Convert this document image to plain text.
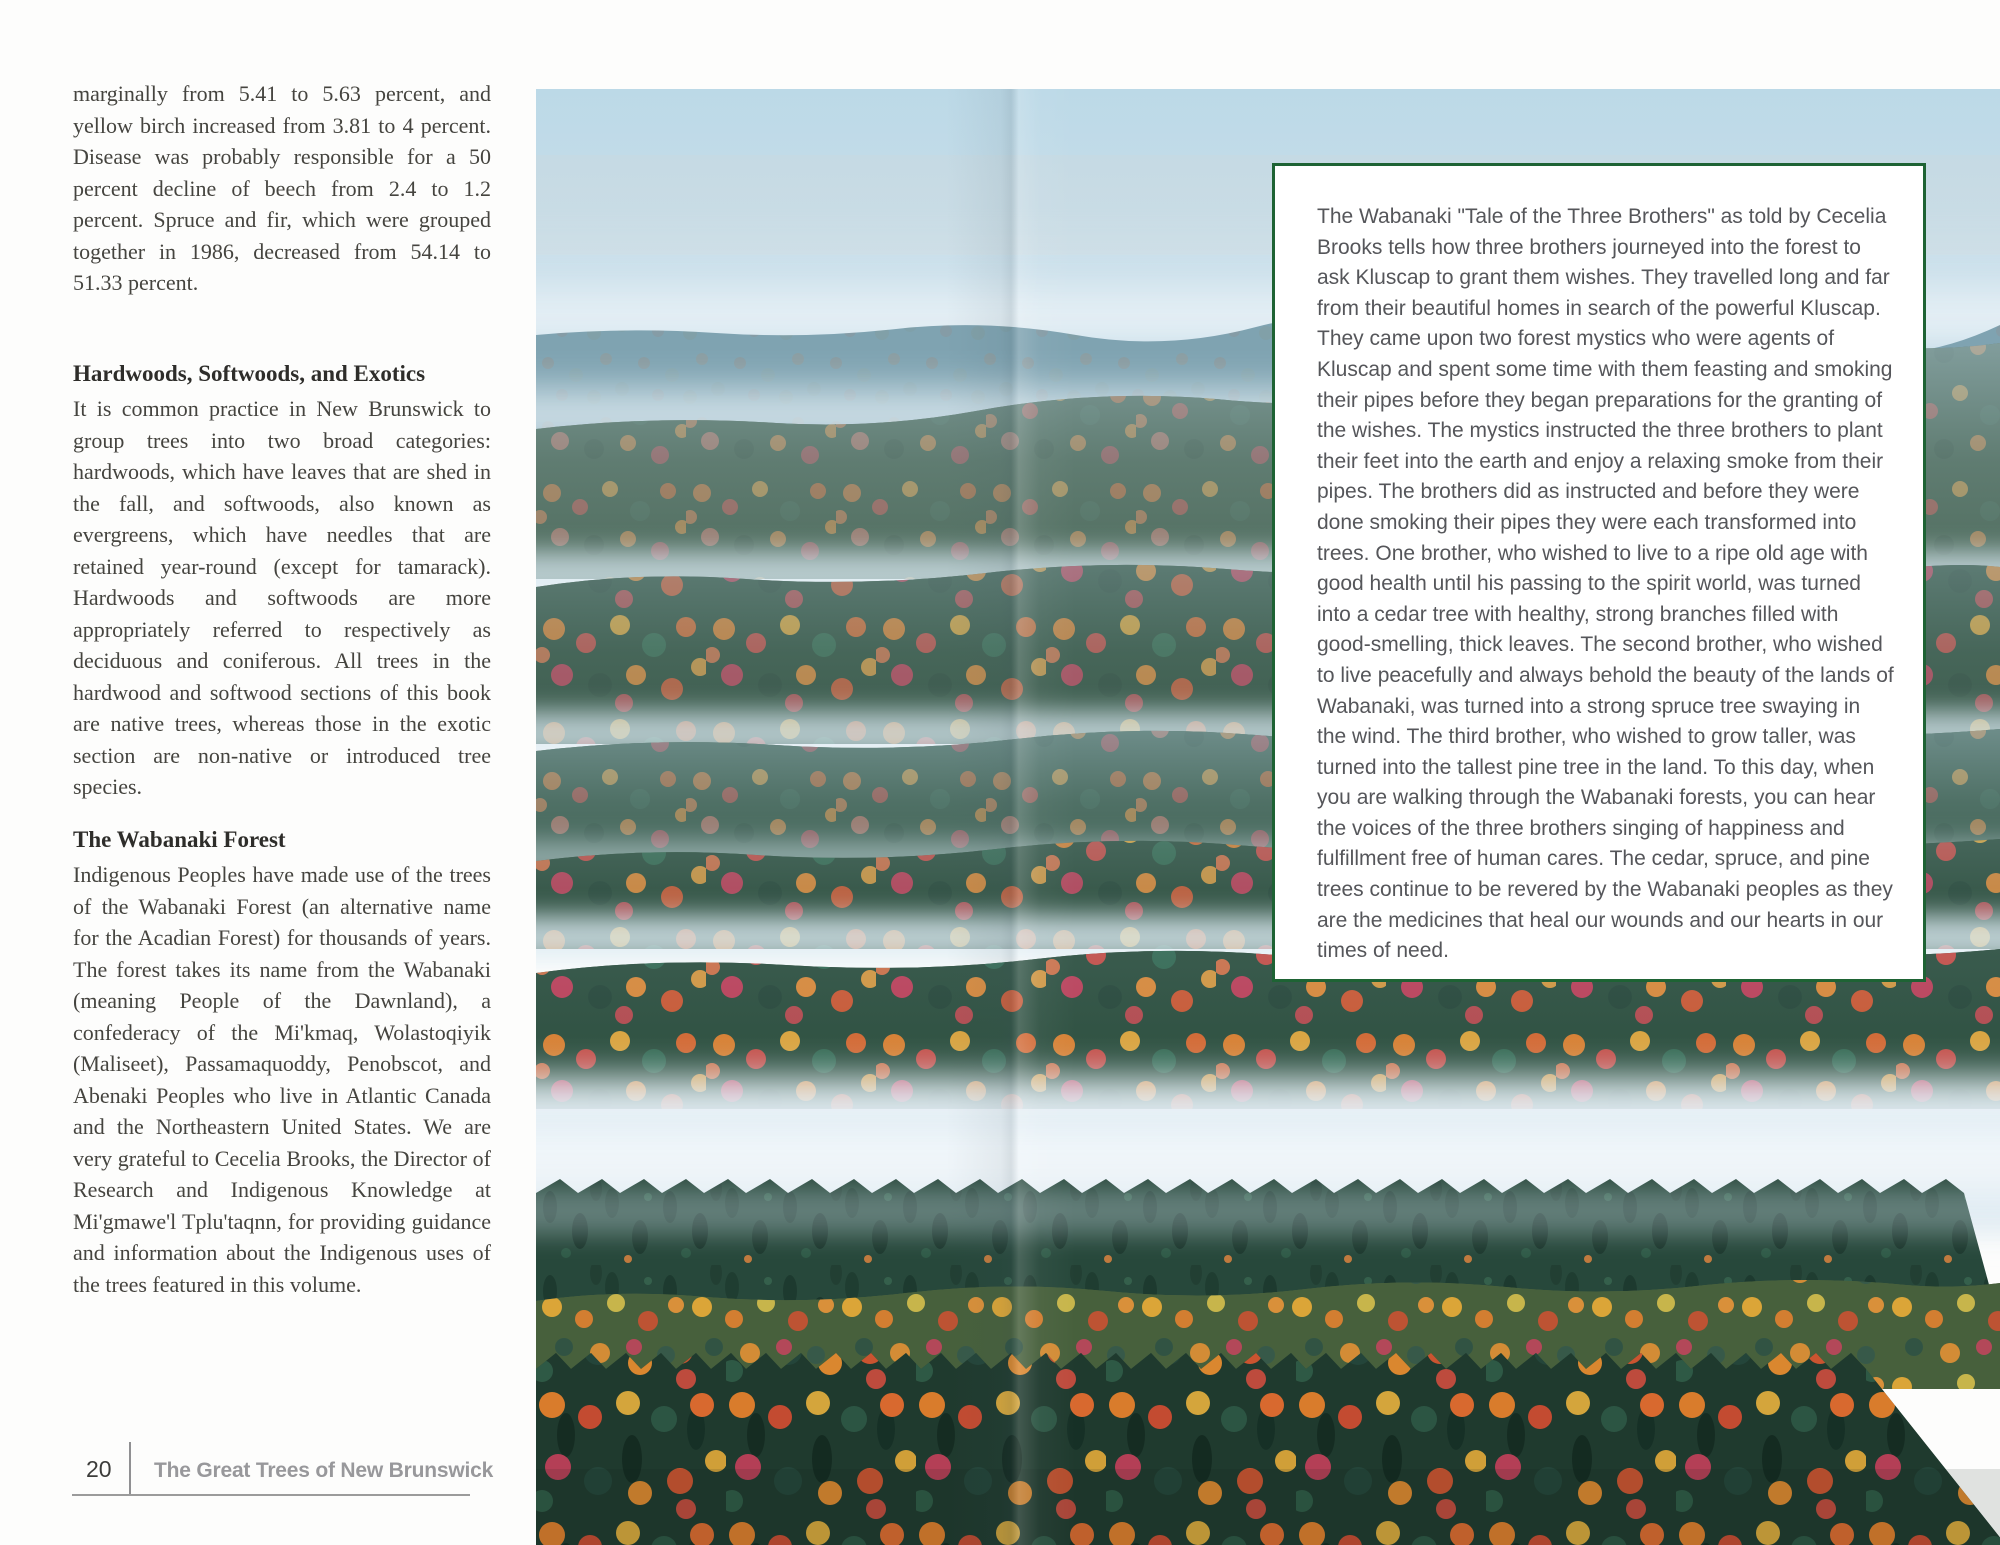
marginally from 5.41 to 5.63 percent, and yellow birch increased from 3.81 to 4 percent. Disease was probably responsible for a 50 percent decline of beech from 2.4 to 1.2 percent. Spruce and fir, which were grouped together in 1986, decreased from 54.14 to 51.33 percent.

Hardwoods, Softwoods, and Exotics

It is common practice in New Brunswick to group trees into two broad categories: hardwoods, which have leaves that are shed in the fall, and softwoods, also known as evergreens, which have needles that are retained year-round (except for tamarack). Hardwoods and softwoods are more appropriately referred to respectively as deciduous and coniferous. All trees in the hardwood and softwood sections of this book are native trees, whereas those in the exotic section are non-native or introduced tree species.

The Wabanaki Forest

Indigenous Peoples have made use of the trees of the Wabanaki Forest (an alternative name for the Acadian Forest) for thousands of years. The forest takes its name from the Wabanaki (meaning People of the Dawnland), a confederacy of the Mi'kmaq, Wolastoqiyik (Maliseet), Passamaquoddy, Penobscot, and Abenaki Peoples who live in Atlantic Canada and the Northeastern United States. We are very grateful to Cecelia Brooks, the Director of Research and Indigenous Knowledge at Mi'gmawe'l Tplu'taqnn, for providing guidance and information about the Indigenous uses of the trees featured in this volume.

20 The Great Trees of New Brunswick

The Wabanaki "Tale of the Three Brothers" as told by Cecelia Brooks tells how three brothers journeyed into the forest to ask Kluscap to grant them wishes. They travelled long and far from their beautiful homes in search of the powerful Kluscap. They came upon two forest mystics who were agents of Kluscap and spent some time with them feasting and smoking their pipes before they began preparations for the granting of the wishes. The mystics instructed the three brothers to plant their feet into the earth and enjoy a relaxing smoke from their pipes. The brothers did as instructed and before they were done smoking their pipes they were each transformed into trees. One brother, who wished to live to a ripe old age with good health until his passing to the spirit world, was turned into a cedar tree with healthy, strong branches filled with good-smelling, thick leaves. The second brother, who wished to live peacefully and always behold the beauty of the lands of Wabanaki, was turned into a strong spruce tree swaying in the wind. The third brother, who wished to grow taller, was turned into the tallest pine tree in the land. To this day, when you are walking through the Wabanaki forests, you can hear the voices of the three brothers singing of happiness and fulfillment free of human cares. The cedar, spruce, and pine trees continue to be revered by the Wabanaki peoples as they are the medicines that heal our wounds and our hearts in our times of need.
